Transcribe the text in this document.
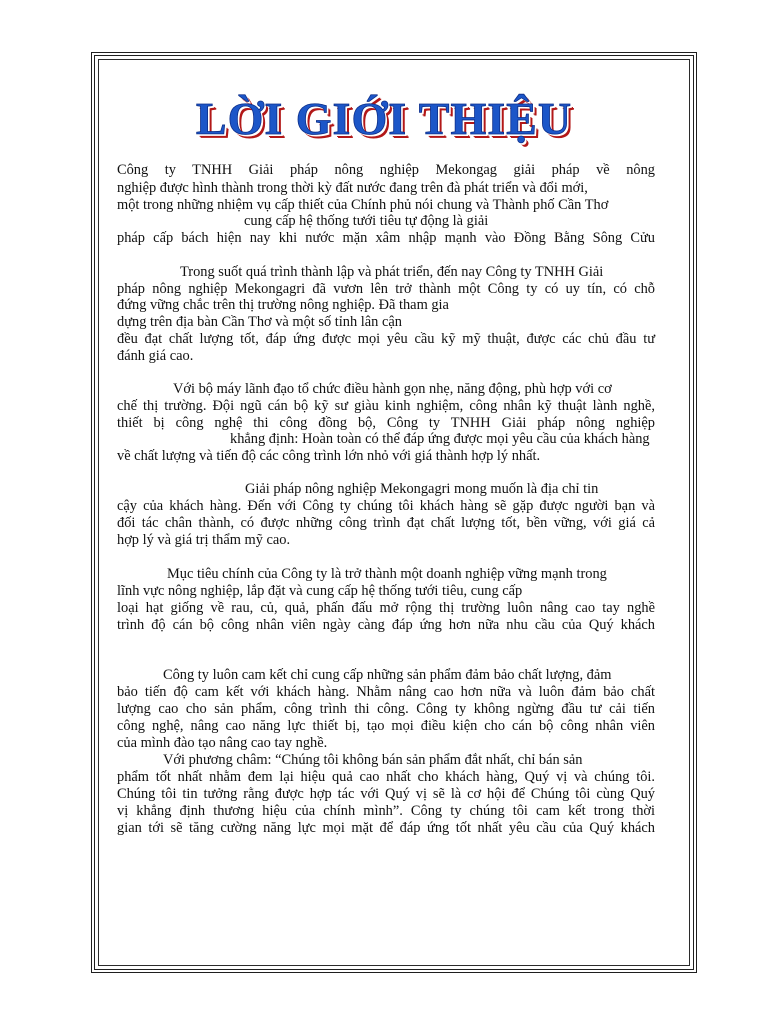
LỜI GIỚI THIỆU

Công ty TNHH Giải pháp nông nghiệp Mekongag giải pháp về nông

nghiệp được hình thành trong thời kỳ đất nước đang trên đà phát triển và đổi mới,

một trong những nhiệm vụ cấp thiết của Chính phủ nói chung và Thành phố Cần Thơ

cung cấp hệ thống tưới tiêu tự động là giải

pháp cấp bách hiện nay khi nước mặn xâm nhập mạnh vào Đồng Bằng Sông Cửu

Trong suốt quá trình thành lập và phát triển, đến nay Công ty TNHH Giải

pháp nông nghiệp Mekongagri đã vươn lên trở thành một Công ty có uy tín, có chỗ

đứng vững chắc trên thị trường nông nghiệp. Đã tham gia

dựng trên địa bàn Cần Thơ và một số tỉnh lân cận

đều đạt chất lượng tốt, đáp ứng được mọi yêu cầu kỹ mỹ thuật, được các chủ đầu tư

đánh giá cao.

Với bộ máy lãnh đạo tổ chức điều hành gọn nhẹ, năng động, phù hợp với cơ

chế thị trường. Đội ngũ cán bộ kỹ sư giàu kinh nghiệm, công nhân kỹ thuật lành nghề,

thiết bị công nghệ thi công đồng bộ, Công ty TNHH Giải pháp nông nghiệp

khẳng định: Hoàn toàn có thể đáp ứng được mọi yêu cầu của khách hàng

về chất lượng và tiến độ các công trình lớn nhỏ với giá thành hợp lý nhất.

Giải pháp nông nghiệp Mekongagri mong muốn là địa chỉ tin

cậy của khách hàng. Đến với Công ty chúng tôi khách hàng sẽ gặp được người bạn và

đối tác chân thành, có được những công trình đạt chất lượng tốt, bền vững, với giá cả

hợp lý và giá trị thẩm mỹ cao.

Mục tiêu chính của Công ty là trở thành một doanh nghiệp vững mạnh trong

lĩnh vực nông nghiệp, lắp đặt và cung cấp hệ thống tưới tiêu, cung cấp

loại hạt giống về rau, củ, quả, phấn đấu mở rộng thị trường luôn nâng cao tay nghề

trình độ cán bộ công nhân viên ngày càng đáp ứng hơn nữa nhu cầu của Quý khách

Công ty luôn cam kết chỉ cung cấp những sản phẩm đảm bảo chất lượng, đảm

bảo tiến độ cam kết với khách hàng. Nhằm nâng cao hơn nữa và luôn đảm bảo chất

lượng cao cho sản phẩm, công trình thi công. Công ty không ngừng đầu tư cải tiến

công nghệ, nâng cao năng lực thiết bị, tạo mọi điều kiện cho cán bộ công nhân viên

của mình đào tạo nâng cao tay nghề.

Với phương châm: “Chúng tôi không bán sản phẩm đắt nhất, chỉ bán sản

phẩm tốt nhất nhằm đem lại hiệu quả cao nhất cho khách hàng, Quý vị và chúng tôi.

Chúng tôi tin tưởng rằng được hợp tác với Quý vị sẽ là cơ hội để Chúng tôi cùng Quý

vị khẳng định thương hiệu của chính mình”. Công ty chúng tôi cam kết trong thời

gian tới sẽ tăng cường năng lực mọi mặt để đáp ứng tốt nhất yêu cầu của Quý khách
